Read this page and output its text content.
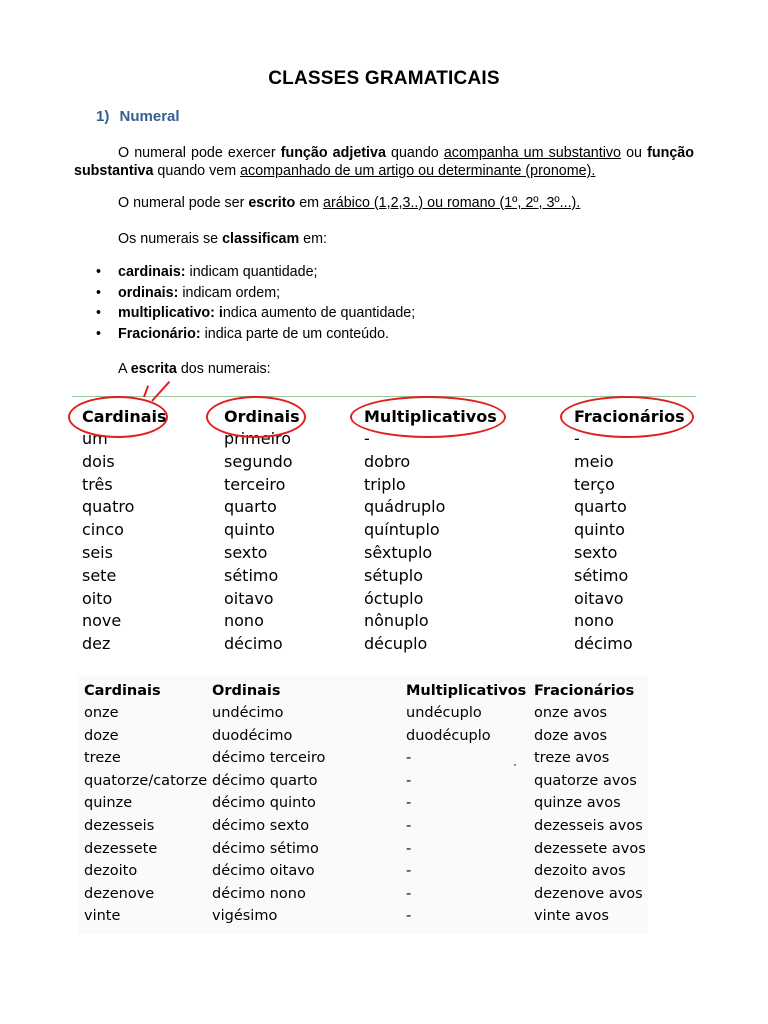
CLASSES GRAMATICAIS
1) Numeral
O numeral pode exercer função adjetiva quando acompanha um substantivo ou função substantiva quando vem acompanhado de um artigo ou determinante (pronome).
O numeral pode ser escrito em arábico (1,2,3..) ou romano (1º, 2º, 3º...).
Os numerais se classificam em:
• cardinais: indicam quantidade;
• ordinais: indicam ordem;
• multiplicativo: indica aumento de quantidade;
• Fracionário: indica parte de um conteúdo.
A escrita dos numerais:
Cardinais
um
dois
três
quatro
cinco
seis
sete
oito
nove
dez
Ordinais
primeiro
segundo
terceiro
quarto
quinto
sexto
sétimo
oitavo
nono
décimo
Multiplicativos
-
dobro
triplo
quádruplo
quíntuplo
sêxtuplo
sétuplo
óctuplo
nônuplo
décuplo
Fracionários
-
meio
terço
quarto
quinto
sexto
sétimo
oitavo
nono
décimo
Cardinais
onze
doze
treze
quatorze/catorze
quinze
dezesseis
dezessete
dezoito
dezenove
vinte
Ordinais
undécimo
duodécimo
décimo terceiro
décimo quarto
décimo quinto
décimo sexto
décimo sétimo
décimo oitavo
décimo nono
vigésimo
Multiplicativos
undécuplo
duodécuplo
-
-
-
-
-
-
-
-
Fracionários
onze avos
doze avos
treze avos
quatorze avos
quinze avos
dezesseis avos
dezessete avos
dezoito avos
dezenove avos
vinte avos
